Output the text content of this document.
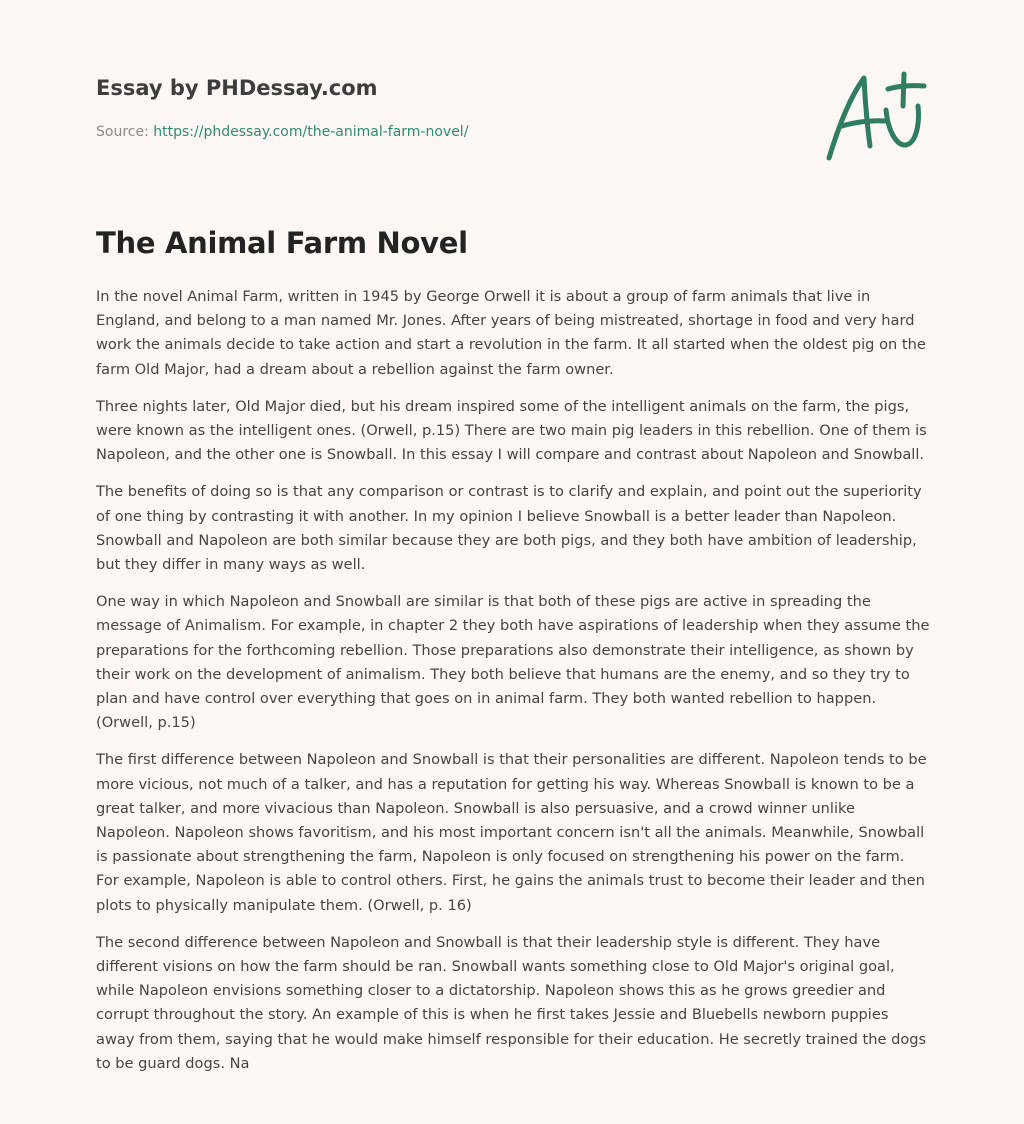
Essay by PHDessay.com

Source: https://phdessay.com/the-animal-farm-novel/

The Animal Farm Novel

In the novel Animal Farm, written in 1945 by George Orwell it is about a group of farm animals that live in England, and belong to a man named Mr. Jones. After years of being mistreated, shortage in food and very hard work the animals decide to take action and start a revolution in the farm. It all started when the oldest pig on the farm Old Major, had a dream about a rebellion against the farm owner.

Three nights later, Old Major died, but his dream inspired some of the intelligent animals on the farm, the pigs, were known as the intelligent ones. (Orwell, p.15) There are two main pig leaders in this rebellion. One of them is Napoleon, and the other one is Snowball. In this essay I will compare and contrast about Napoleon and Snowball.

The benefits of doing so is that any comparison or contrast is to clarify and explain, and point out the superiority of one thing by contrasting it with another. In my opinion I believe Snowball is a better leader than Napoleon. Snowball and Napoleon are both similar because they are both pigs, and they both have ambition of leadership, but they differ in many ways as well.

One way in which Napoleon and Snowball are similar is that both of these pigs are active in spreading the message of Animalism. For example, in chapter 2 they both have aspirations of leadership when they assume the preparations for the forthcoming rebellion. Those preparations also demonstrate their intelligence, as shown by their work on the development of animalism. They both believe that humans are the enemy, and so they try to plan and have control over everything that goes on in animal farm. They both wanted rebellion to happen. (Orwell, p.15)

The first difference between Napoleon and Snowball is that their personalities are different. Napoleon tends to be more vicious, not much of a talker, and has a reputation for getting his way. Whereas Snowball is known to be a great talker, and more vivacious than Napoleon. Snowball is also persuasive, and a crowd winner unlike Napoleon. Napoleon shows favoritism, and his most important concern isn't all the animals. Meanwhile, Snowball is passionate about strengthening the farm, Napoleon is only focused on strengthening his power on the farm. For example, Napoleon is able to control others. First, he gains the animals trust to become their leader and then plots to physically manipulate them. (Orwell, p. 16)

The second difference between Napoleon and Snowball is that their leadership style is different. They have different visions on how the farm should be ran. Snowball wants something close to Old Major's original goal, while Napoleon envisions something closer to a dictatorship. Napoleon shows this as he grows greedier and corrupt throughout the story. An example of this is when he first takes Jessie and Bluebells newborn puppies away from them, saying that he would make himself responsible for their education. He secretly trained the dogs to be guard dogs. Na
